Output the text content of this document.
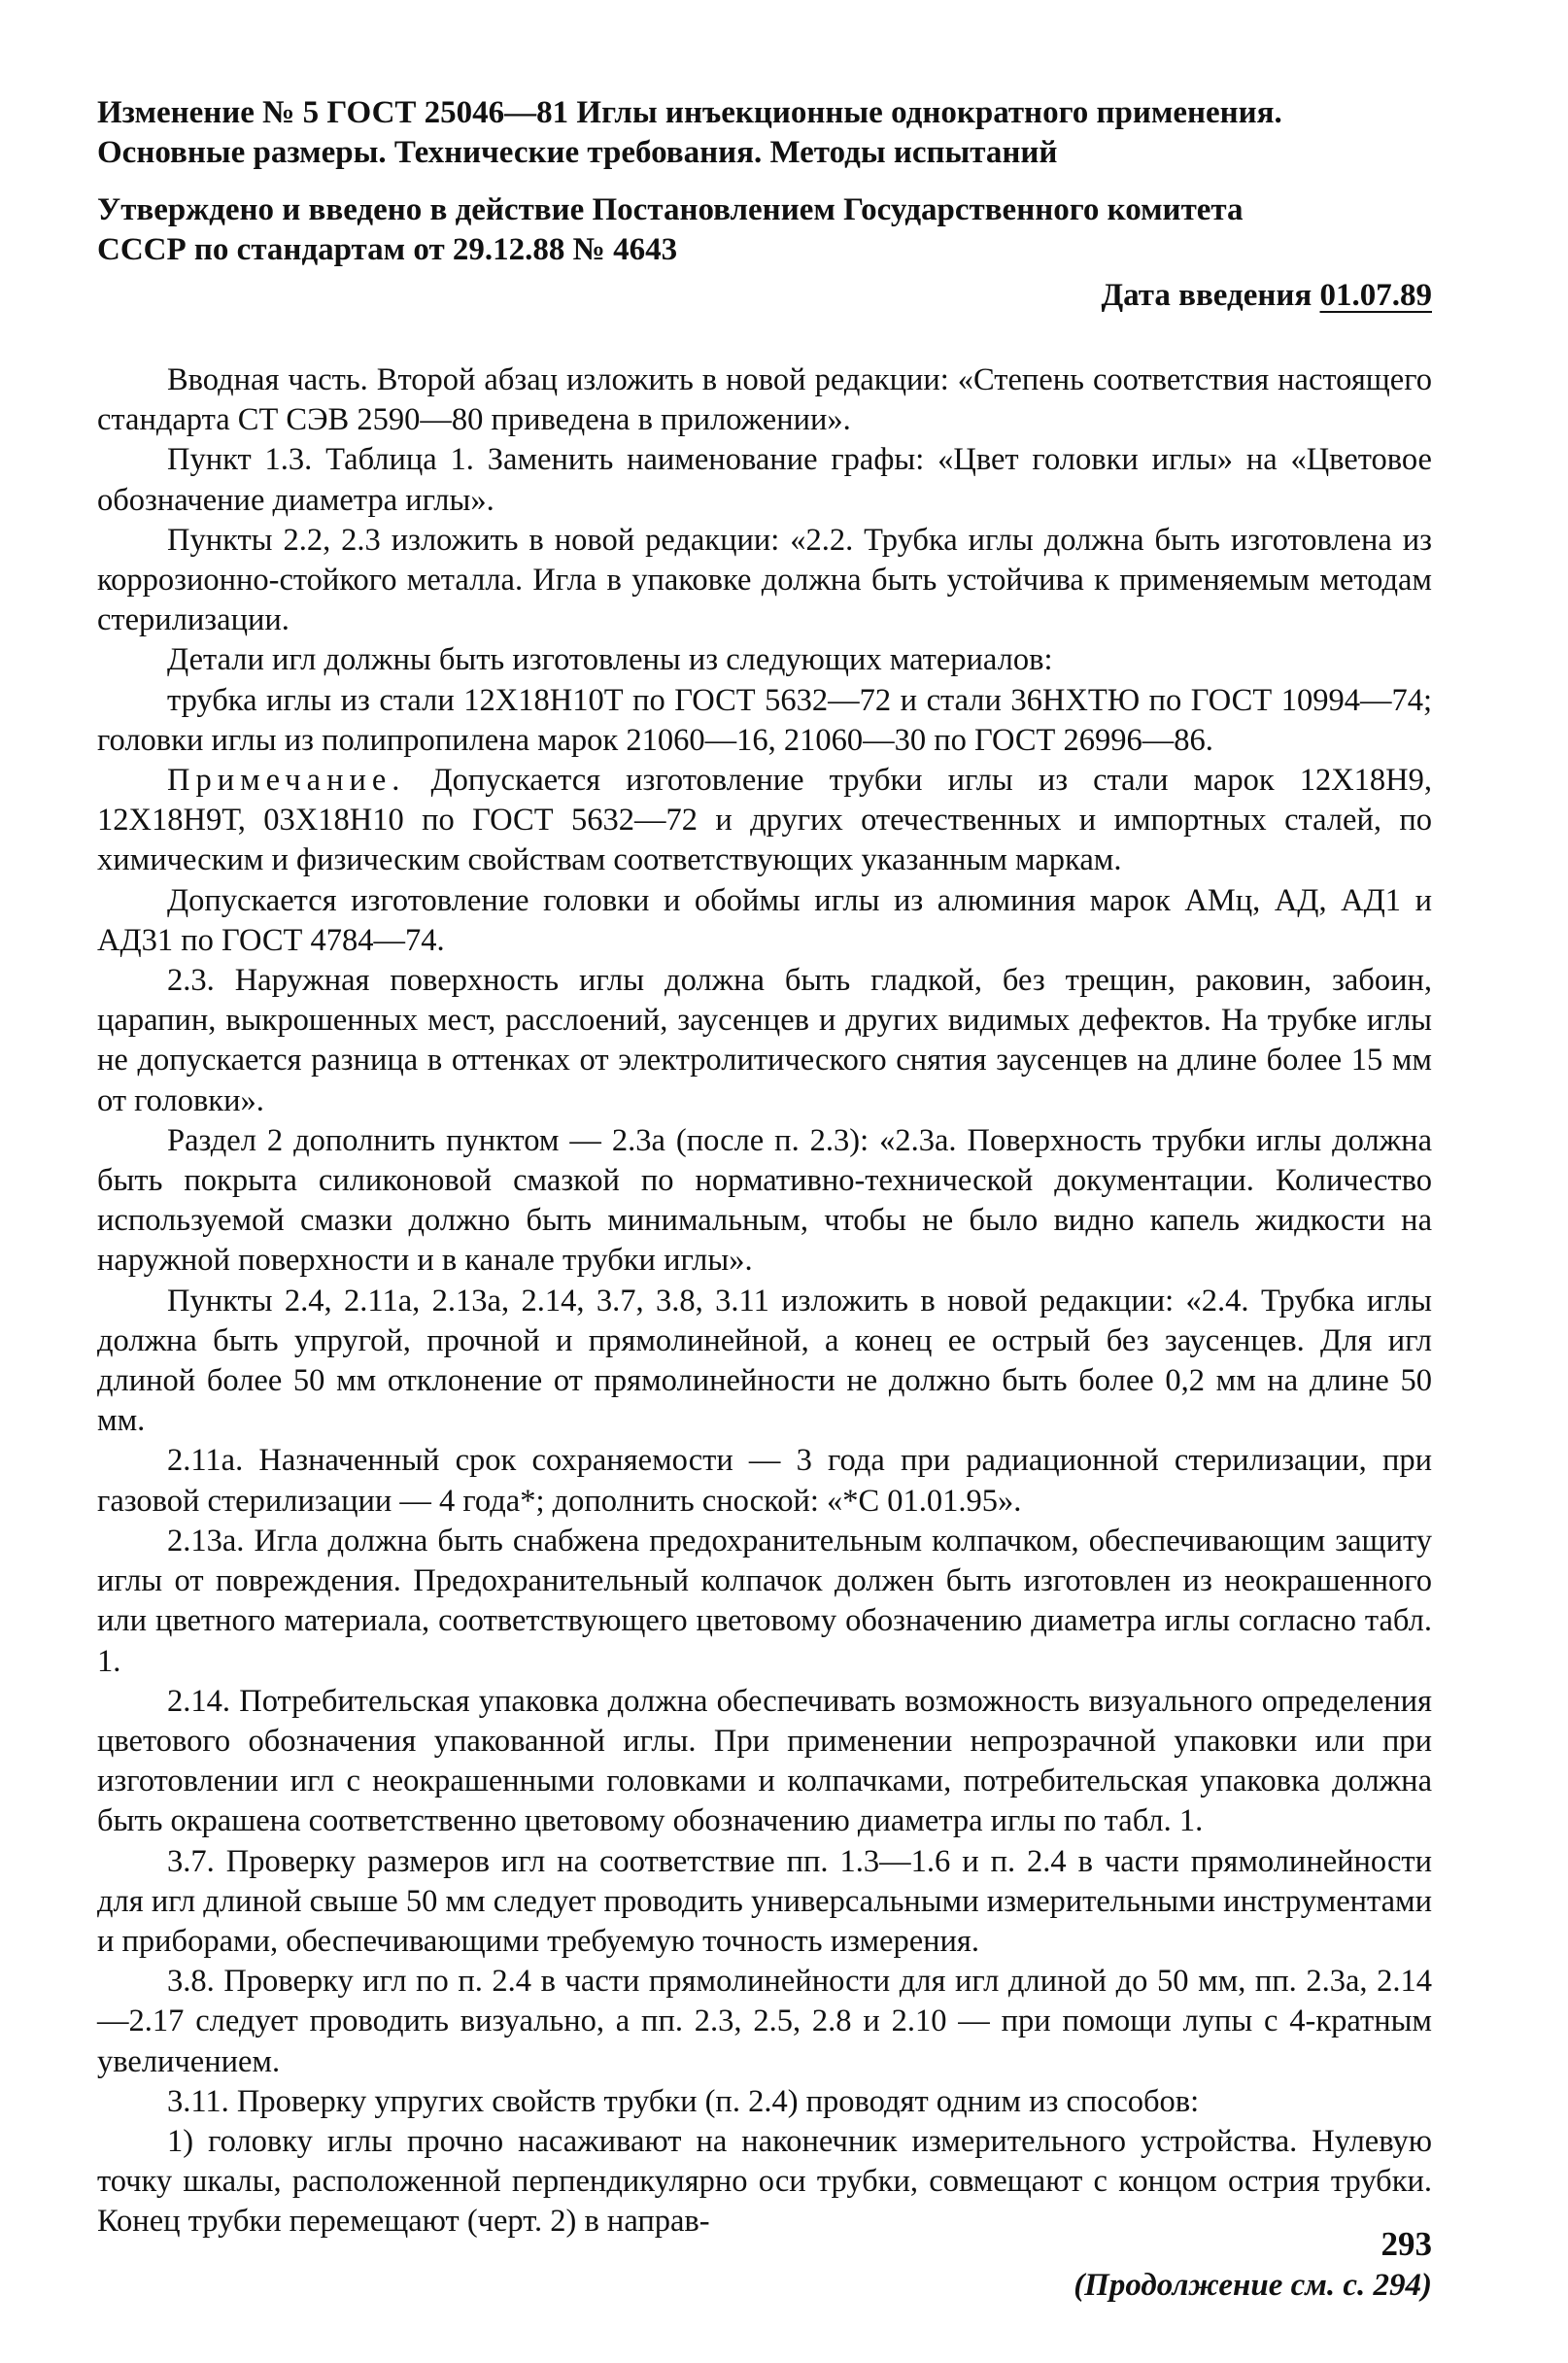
Изменение № 5 ГОСТ 25046—81 Иглы инъекционные однократного применения.
Основные размеры. Технические требования. Методы испытаний

Утверждено и введено в действие Постановлением Государственного комитета
СССР по стандартам от 29.12.88 № 4643

Дата введения 01.07.89

Вводная часть. Второй абзац изложить в новой редакции: «Степень соответствия настоящего стандарта СТ СЭВ 2590—80 приведена в приложении».

Пункт 1.3. Таблица 1. Заменить наименование графы: «Цвет головки иглы» на «Цветовое обозначение диаметра иглы».

Пункты 2.2, 2.3 изложить в новой редакции: «2.2. Трубка иглы должна быть изготовлена из коррозионно-стойкого металла. Игла в упаковке должна быть устойчива к применяемым методам стерилизации.

Детали игл должны быть изготовлены из следующих материалов:

трубка иглы из стали 12Х18Н10Т по ГОСТ 5632—72 и стали 36НХТЮ по ГОСТ 10994—74; головки иглы из полипропилена марок 21060—16, 21060—30 по ГОСТ 26996—86.

Примечание. Допускается изготовление трубки иглы из стали марок 12Х18Н9, 12Х18Н9Т, 03Х18Н10 по ГОСТ 5632—72 и других отечественных и импортных сталей, по химическим и физическим свойствам соответствующих указанным маркам.

Допускается изготовление головки и обоймы иглы из алюминия марок АМц, АД, АД1 и АД31 по ГОСТ 4784—74.

2.3. Наружная поверхность иглы должна быть гладкой, без трещин, раковин, забоин, царапин, выкрошенных мест, расслоений, заусенцев и других видимых дефектов. На трубке иглы не допускается разница в оттенках от электролитического снятия заусенцев на длине более 15 мм от головки».

Раздел 2 дополнить пунктом — 2.3а (после п. 2.3): «2.3а. Поверхность трубки иглы должна быть покрыта силиконовой смазкой по нормативно-технической документации. Количество используемой смазки должно быть минимальным, чтобы не было видно капель жидкости на наружной поверхности и в канале трубки иглы».

Пункты 2.4, 2.11а, 2.13а, 2.14, 3.7, 3.8, 3.11 изложить в новой редакции: «2.4. Трубка иглы должна быть упругой, прочной и прямолинейной, а конец ее острый без заусенцев. Для игл длиной более 50 мм отклонение от прямолинейности не должно быть более 0,2 мм на длине 50 мм.

2.11а. Назначенный срок сохраняемости — 3 года при радиационной стерилизации, при газовой стерилизации — 4 года*; дополнить сноской: «*С 01.01.95».

2.13а. Игла должна быть снабжена предохранительным колпачком, обеспечивающим защиту иглы от повреждения. Предохранительный колпачок должен быть изготовлен из неокрашенного или цветного материала, соответствующего цветовому обозначению диаметра иглы согласно табл. 1.

2.14. Потребительская упаковка должна обеспечивать возможность визуального определения цветового обозначения упакованной иглы. При применении непрозрачной упаковки или при изготовлении игл с неокрашенными головками и колпачками, потребительская упаковка должна быть окрашена соответственно цветовому обозначению диаметра иглы по табл. 1.

3.7. Проверку размеров игл на соответствие пп. 1.3—1.6 и п. 2.4 в части прямолинейности для игл длиной свыше 50 мм следует проводить универсальными измерительными инструментами и приборами, обеспечивающими требуемую точность измерения.

3.8. Проверку игл по п. 2.4 в части прямолинейности для игл длиной до 50 мм, пп. 2.3а, 2.14—2.17 следует проводить визуально, а пп. 2.3, 2.5, 2.8 и 2.10 — при помощи лупы с 4-кратным увеличением.

3.11. Проверку упругих свойств трубки (п. 2.4) проводят одним из способов:

1) головку иглы прочно насаживают на наконечник измерительного устройства. Нулевую точку шкалы, расположенной перпендикулярно оси трубки, совмещают с концом острия трубки. Конец трубки перемещают (черт. 2) в направ-

(Продолжение см. с. 294)
293
